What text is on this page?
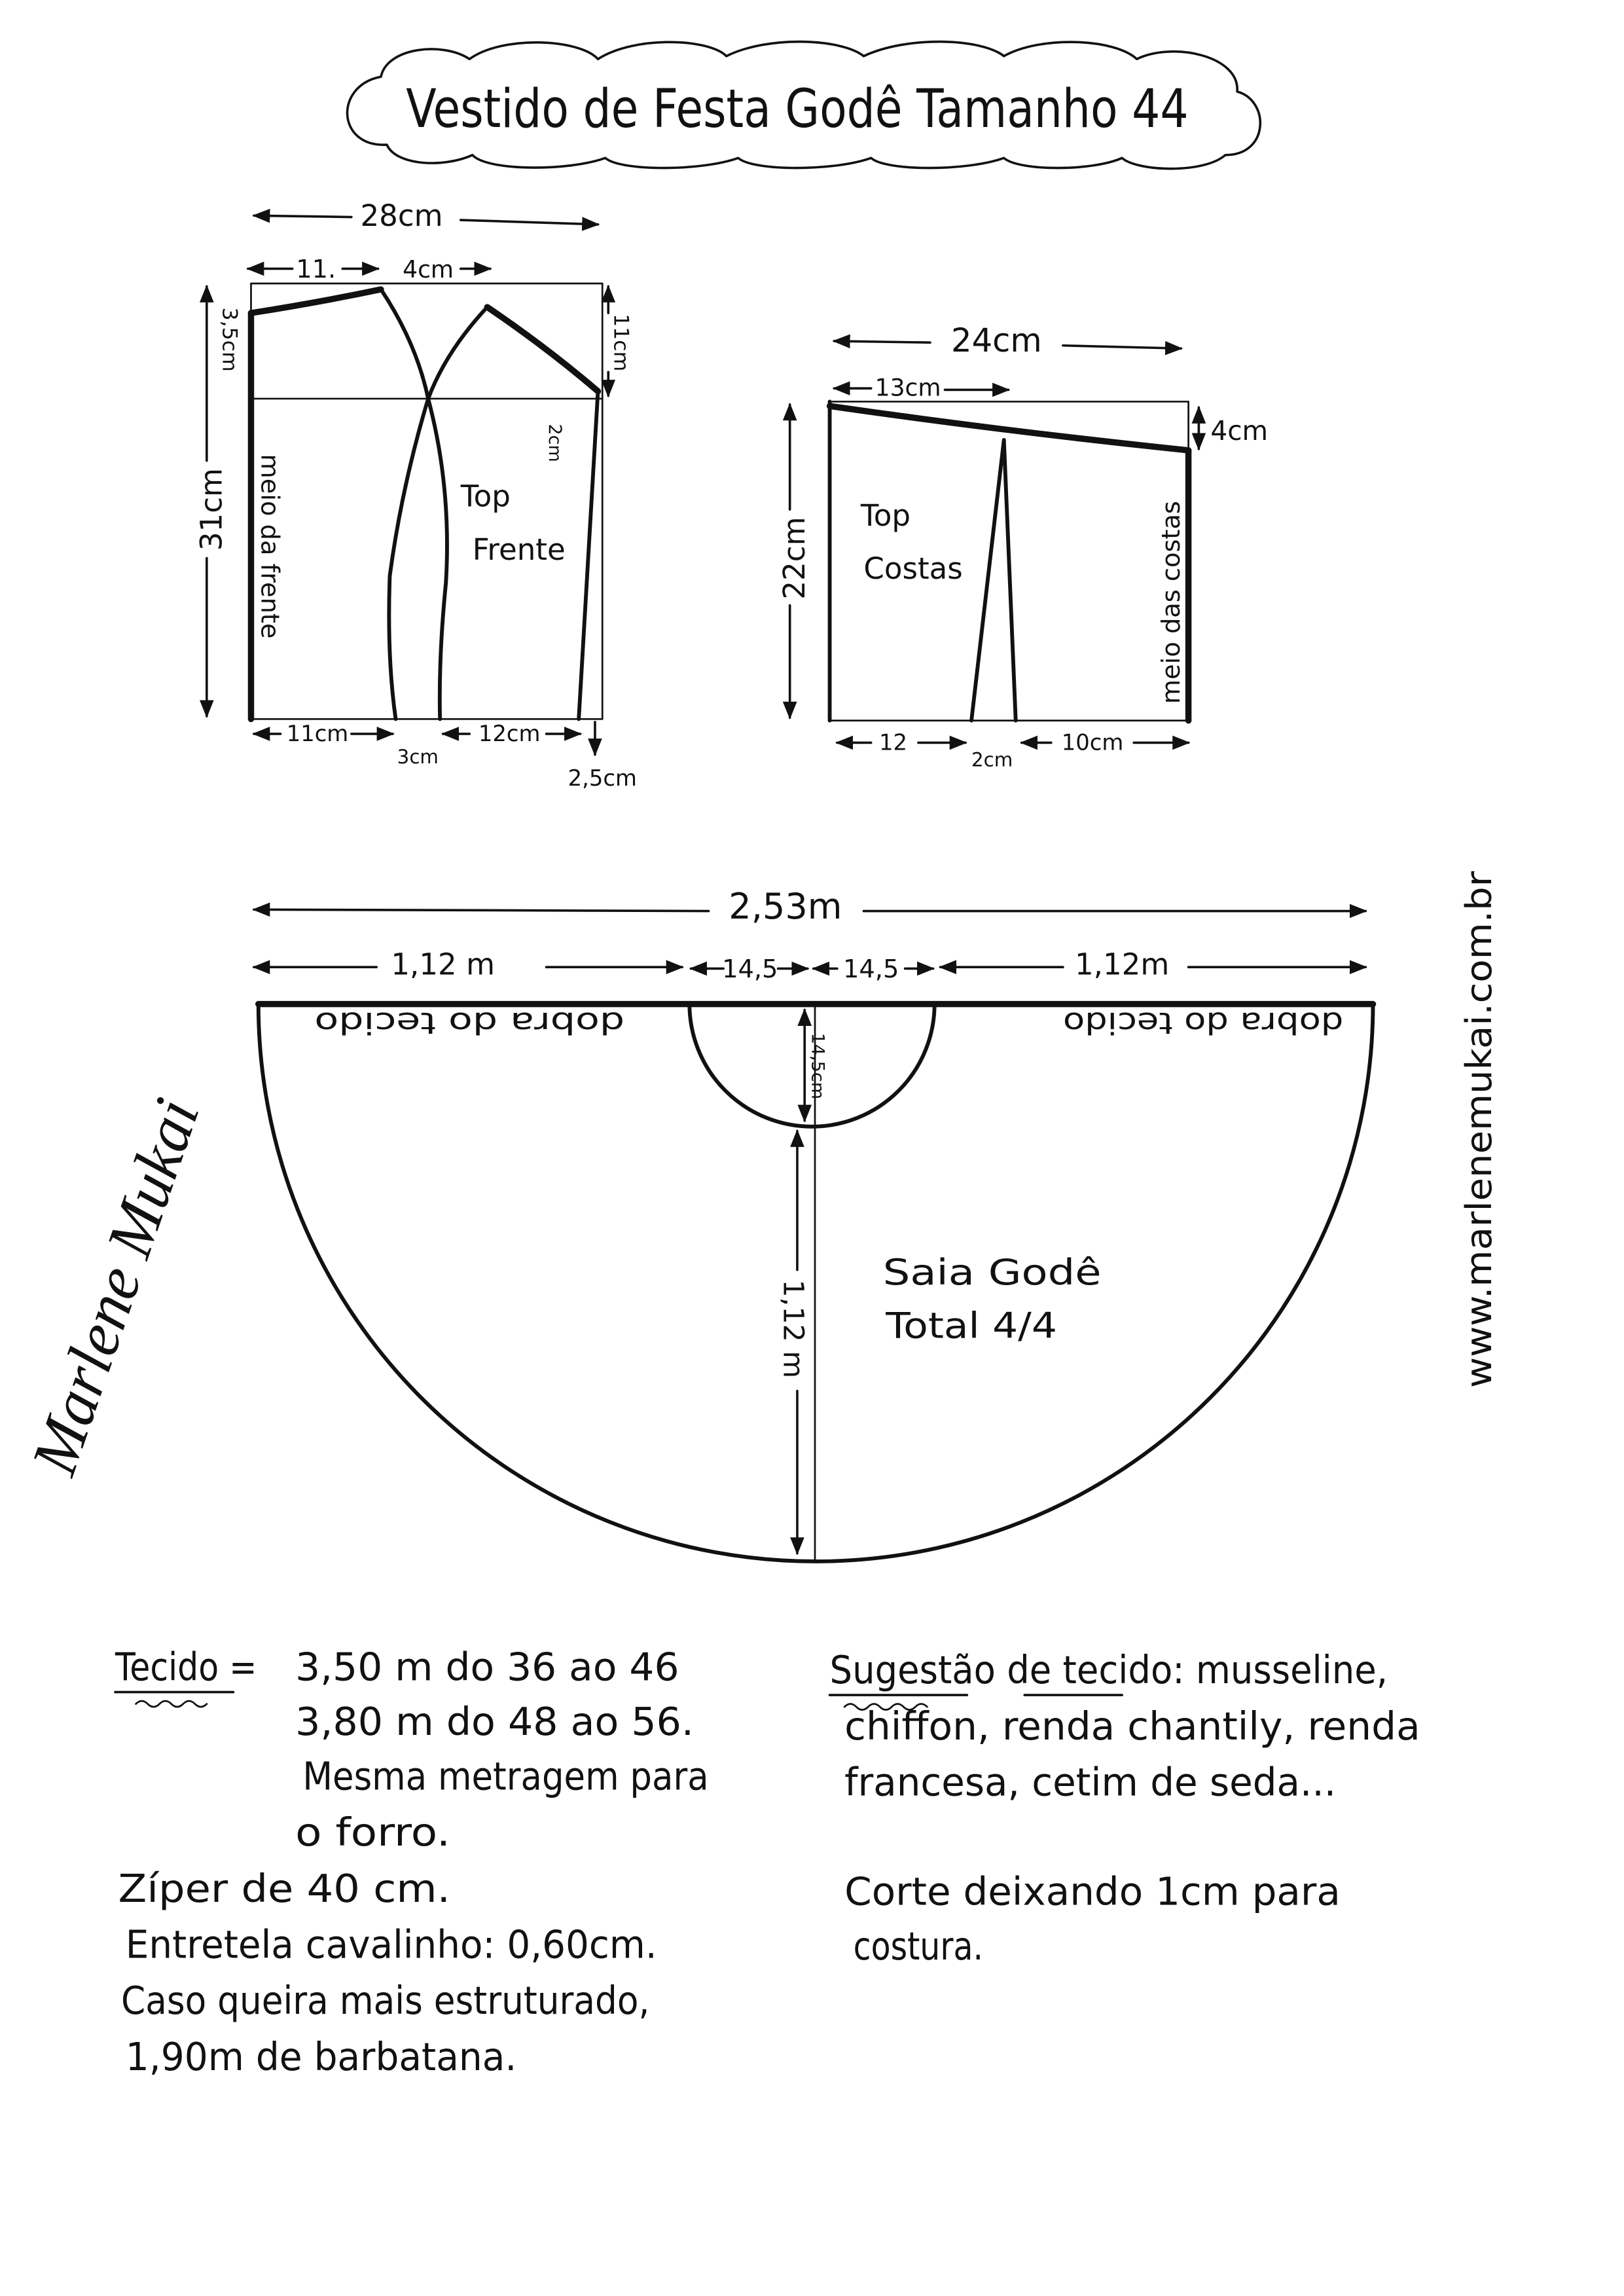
Vestido de Festa Godê Tamanho 44
28cm
11.	4cm
3,5cm
31cm meio da frente
11cm
2cm
Top
Frente
11cm
3cm
12cm
2,5cm
24cm
13cm
4cm
22cm
Top
Costas	meio das costas
12
2cm
10cm
2,53m
1,12 m	14,5	14,5	1,12m
14,5cm
1,12 m
dobra do tecido	dobra do tecido
Saia Godê
Total 4/4
Marlene Mukai	www.marlenemukai.com.br
Tecido = 3,50 m do 36 ao 46
3,80 m do 48 ao 56.
Mesma metragem para
o forro.
Zíper de 40 cm.
Entretela cavalinho: 0,60cm.
Caso queira mais estruturado,
1,90m de barbatana.
Sugestão de tecido: musseline,
chiffon, renda chantily, renda
francesa, cetim de seda...
Corte deixando 1cm para
costura.
